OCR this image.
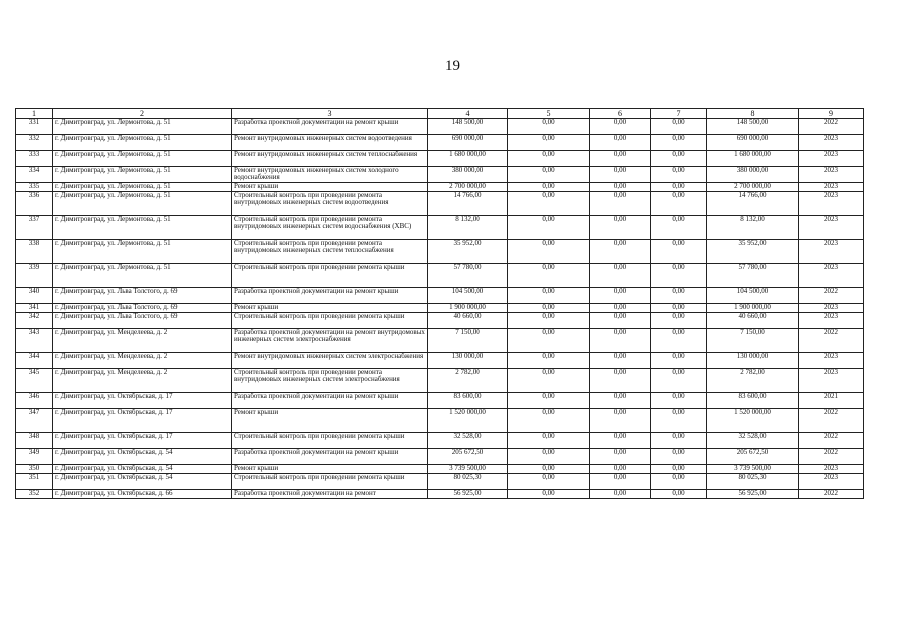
19
1	2	3	4	5	6	7	8	9
331	г. Димитровград, ул. Лермонтова, д. 51	Разработка проектной документации на ремонт крыши	148 500,00	0,00	0,00	0,00	148 500,00	2022
332	г. Димитровград, ул. Лермонтова, д. 51	Ремонт внутридомовых инженерных систем водоотведения	690 000,00	0,00	0,00	0,00	690 000,00	2023
333	г. Димитровград, ул. Лермонтова, д. 51	Ремонт внутридомовых инженерных систем теплоснабжения	1 680 000,00	0,00	0,00	0,00	1 680 000,00	2023
334	г. Димитровград, ул. Лермонтова, д. 51	Ремонт внутридомовых инженерных систем холодного водоснабжения	380 000,00	0,00	0,00	0,00	380 000,00	2023
335	г. Димитровград, ул. Лермонтова, д. 51	Ремонт крыши	2 700 000,00	0,00	0,00	0,00	2 700 000,00	2023
336	г. Димитровград, ул. Лермонтова, д. 51	Строительный контроль при проведении ремонта внутридомовых инженерных систем водоотведения	14 766,00	0,00	0,00	0,00	14 766,00	2023
337	г. Димитровград, ул. Лермонтова, д. 51	Строительный контроль при проведении ремонта внутридомовых инженерных систем водоснабжения (ХВС)	8 132,00	0,00	0,00	0,00	8 132,00	2023
338	г. Димитровград, ул. Лермонтова, д. 51	Строительный контроль при проведении ремонта внутридомовых инженерных систем теплоснабжения	35 952,00	0,00	0,00	0,00	35 952,00	2023
339	г. Димитровград, ул. Лермонтова, д. 51	Строительный контроль при проведении ремонта крыши	57 780,00	0,00	0,00	0,00	57 780,00	2023
340	г. Димитровград, ул. Льва Толстого, д. 69	Разработка проектной документации на ремонт крыши	104 500,00	0,00	0,00	0,00	104 500,00	2022
341	г. Димитровград, ул. Льва Толстого, д. 69	Ремонт крыши	1 900 000,00	0,00	0,00	0,00	1 900 000,00	2023
342	г. Димитровград, ул. Льва Толстого, д. 69	Строительный контроль при проведении ремонта крыши	40 660,00	0,00	0,00	0,00	40 660,00	2023
343	г. Димитровград, ул. Менделеева, д. 2	Разработка проектной документации на ремонт внутридомовых инженерных систем электроснабжения	7 150,00	0,00	0,00	0,00	7 150,00	2022
344	г. Димитровград, ул. Менделеева, д. 2	Ремонт внутридомовых инженерных систем электроснабжения	130 000,00	0,00	0,00	0,00	130 000,00	2023
345	г. Димитровград, ул. Менделеева, д. 2	Строительный контроль при проведении ремонта внутридомовых инженерных систем электроснабжения	2 782,00	0,00	0,00	0,00	2 782,00	2023
346	г. Димитровград, ул. Октябрьская, д. 17	Разработка проектной документации на ремонт крыши	83 600,00	0,00	0,00	0,00	83 600,00	2021
347	г. Димитровград, ул. Октябрьская, д. 17	Ремонт крыши	1 520 000,00	0,00	0,00	0,00	1 520 000,00	2022
348	г. Димитровград, ул. Октябрьская, д. 17	Строительный контроль при проведении ремонта крыши	32 528,00	0,00	0,00	0,00	32 528,00	2022
349	г. Димитровград, ул. Октябрьская, д. 54	Разработка проектной документации на ремонт крыши	205 672,50	0,00	0,00	0,00	205 672,50	2022
350	г. Димитровград, ул. Октябрьская, д. 54	Ремонт крыши	3 739 500,00	0,00	0,00	0,00	3 739 500,00	2023
351	г. Димитровград, ул. Октябрьская, д. 54	Строительный контроль при проведении ремонта крыши	80 025,30	0,00	0,00	0,00	80 025,30	2023
352	г. Димитровград, ул. Октябрьская, д. 66	Разработка проектной документации на ремонт	56 925,00	0,00	0,00	0,00	56 925,00	2022
